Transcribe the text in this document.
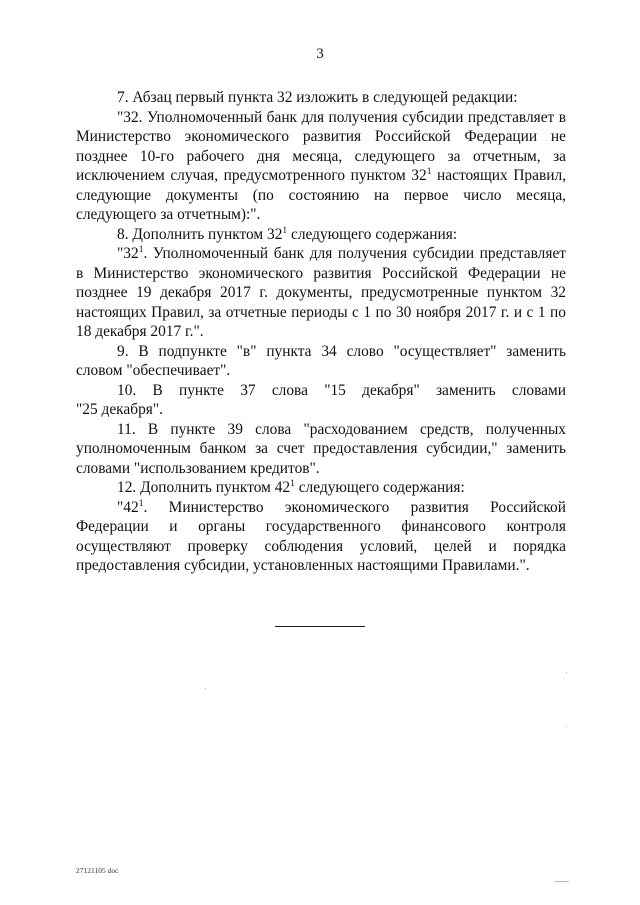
3

7. Абзац первый пункта 32 изложить в следующей редакции:

"32. Уполномоченный банк для получения субсидии представляет в Министерство экономического развития Российской Федерации не позднее 10-го рабочего дня месяца, следующего за отчетным, за исключением случая, предусмотренного пунктом $32^1$ настоящих Правил, следующие документы (по состоянию на первое число месяца, следующего за отчетным):".

8. Дополнить пунктом $32^1$ следующего содержания:

"$32^1$. Уполномоченный банк для получения субсидии представляет в Министерство экономического развития Российской Федерации не позднее 19 декабря 2017 г. документы, предусмотренные пунктом 32 настоящих Правил, за отчетные периоды с 1 по 30 ноября 2017 г. и с 1 по 18 декабря 2017 г.".

9. В подпункте "в" пункта 34 слово "осуществляет" заменить словом "обеспечивает".

10. В пункте 37 слова "15 декабря" заменить словами

"25 декабря".

11. В пункте 39 слова "расходованием средств, полученных уполномоченным банком за счет предоставления субсидии," заменить словами "использованием кредитов".

12. Дополнить пунктом $42^1$ следующего содержания:

"$42^1$. Министерство экономического развития Российской Федерации и органы государственного финансового контроля осуществляют проверку соблюдения условий, целей и порядка предоставления субсидии, установленных настоящими Правилами.".

27121105 doc
